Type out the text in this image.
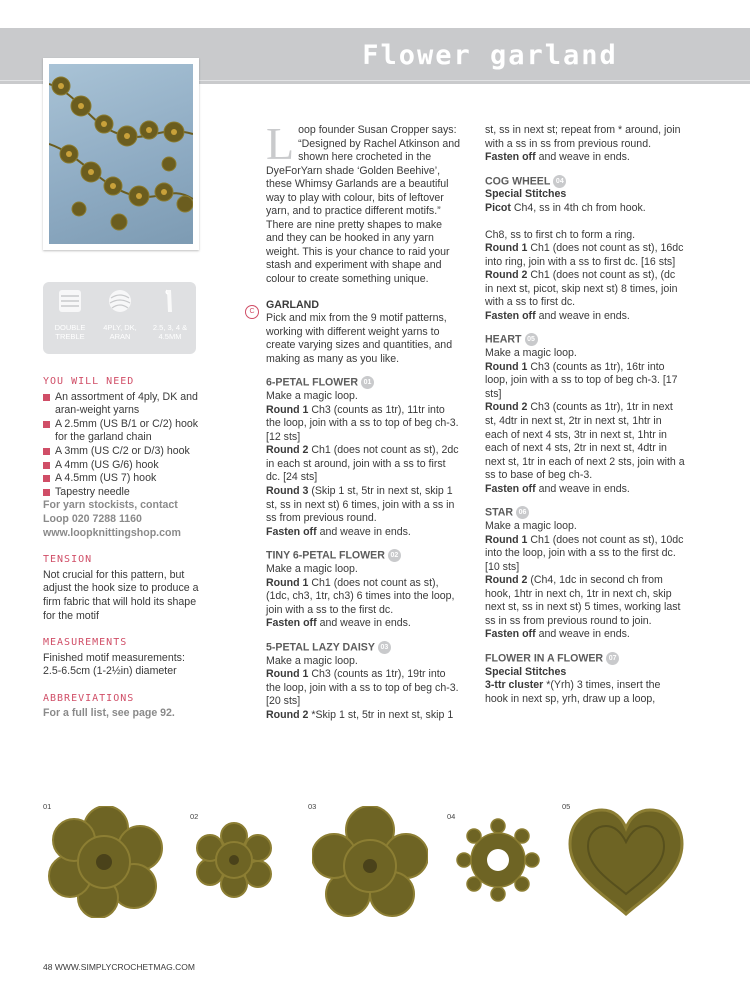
Flower garland
DOUBLE TREBLE
4PLY, DK, ARAN
2.5, 3, 4 & 4.5MM
YOU WILL NEED
An assortment of 4ply, DK and aran-weight yarns
A 2.5mm (US B/1 or C/2) hook for the garland chain
A 3mm (US C/2 or D/3) hook
A 4mm (US G/6) hook
A 4.5mm (US 7) hook
Tapestry needle
For yarn stockists, contact Loop 020 7288 1160 www.loopknittingshop.com
TENSION
Not crucial for this pattern, but adjust the hook size to produce a firm fabric that will hold its shape for the motif
MEASUREMENTS
Finished motif measurements: 2.5-6.5cm (1-2½in) diameter
ABBREVIATIONS
For a full list, see page 92.

Loop founder Susan Cropper says: “Designed by Rachel Atkinson and shown here crocheted in the DyeForYarn shade ‘Golden Beehive’, these Whimsy Garlands are a beautiful way to play with colour, bits of leftover yarn, and to practice different motifs.” There are nine pretty shapes to make and they can be hooked in any yarn weight. This is your chance to raid your stash and experiment with shape and colour to create something unique.

GARLAND
Pick and mix from the 9 motif patterns, working with different weight yarns to create varying sizes and quantities, and making as many as you like.
6-PETAL FLOWER 01
Make a magic loop.
Round 1 Ch3 (counts as 1tr), 11tr into the loop, join with a ss to top of beg ch-3. [12 sts]
Round 2 Ch1 (does not count as st), 2dc in each st around, join with a ss to first dc. [24 sts]
Round 3 (Skip 1 st, 5tr in next st, skip 1 st, ss in next st) 6 times, join with a ss in ss from previous round.
Fasten off and weave in ends.
TINY 6-PETAL FLOWER 02
Make a magic loop.
Round 1 Ch1 (does not count as st), (1dc, ch3, 1tr, ch3) 6 times into the loop, join with a ss to the first dc.
Fasten off and weave in ends.
5-PETAL LAZY DAISY 03
Make a magic loop.
Round 1 Ch3 (counts as 1tr), 19tr into the loop, join with a ss to top of beg ch-3. [20 sts]
Round 2 *Skip 1 st, 5tr in next st, skip 1
C
st, ss in next st; repeat from * around, join with a ss in ss from previous round.
Fasten off and weave in ends.
COG WHEEL 04
Special Stitches
Picot Ch4, ss in 4th ch from hook.
Ch8, ss to first ch to form a ring.
Round 1 Ch1 (does not count as st), 16dc into ring, join with a ss to first dc. [16 sts]
Round 2 Ch1 (does not count as st), (dc in next st, picot, skip next st) 8 times, join with a ss to first dc.
Fasten off and weave in ends.
HEART 05
Make a magic loop.
Round 1 Ch3 (counts as 1tr), 16tr into loop, join with a ss to top of beg ch-3. [17 sts]
Round 2 Ch3 (counts as 1tr), 1tr in next st, 4dtr in next st, 2tr in next st, 1htr in each of next 4 sts, 3tr in next st, 1htr in each of next 4 sts, 2tr in next st, 4dtr in next st, 1tr in each of next 2 sts, join with a ss to base of beg ch-3.
Fasten off and weave in ends.
STAR 06
Make a magic loop.
Round 1 Ch1 (does not count as st), 10dc into the loop, join with a ss to the first dc. [10 sts]
Round 2 (Ch4, 1dc in second ch from hook, 1htr in next ch, 1tr in next ch, skip next st, ss in next st) 5 times, working last ss in ss from previous round to join.
Fasten off and weave in ends.
FLOWER IN A FLOWER 07
Special Stitches
3-ttr cluster *(Yrh) 3 times, insert the hook in next sp, yrh, draw up a loop,
01
02
03
04
05
48 WWW.SIMPLYCROCHETMAG.COM
